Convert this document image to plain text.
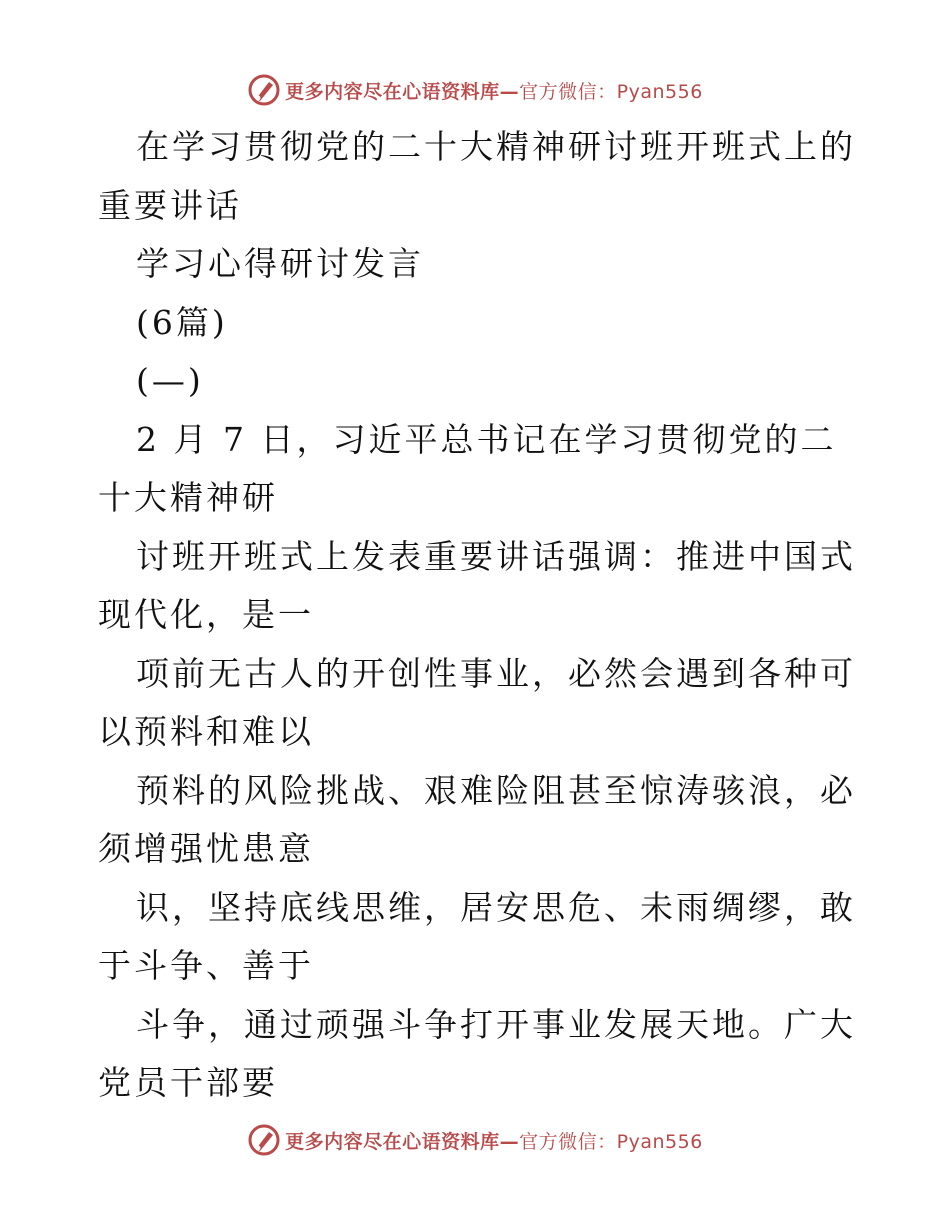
更多内容尽在心语资料库—官方微信：Pyan556

在学习贯彻党的二十大精神研讨班开班式上的重要讲话

学习心得研讨发言

(6篇)

(—)

2 月 7 日，习近平总书记在学习贯彻党的二十大精神研

讨班开班式上发表重要讲话强调：推进中国式现代化，是一

项前无古人的开创性事业，必然会遇到各种可以预料和难以

预料的风险挑战、艰难险阻甚至惊涛骇浪，必须增强忧患意

识，坚持底线思维，居安思危、未雨绸缪，敢于斗争、善于

斗争，通过顽强斗争打开事业发展天地。广大党员干部要

更多内容尽在心语资料库—官方微信：Pyan556
